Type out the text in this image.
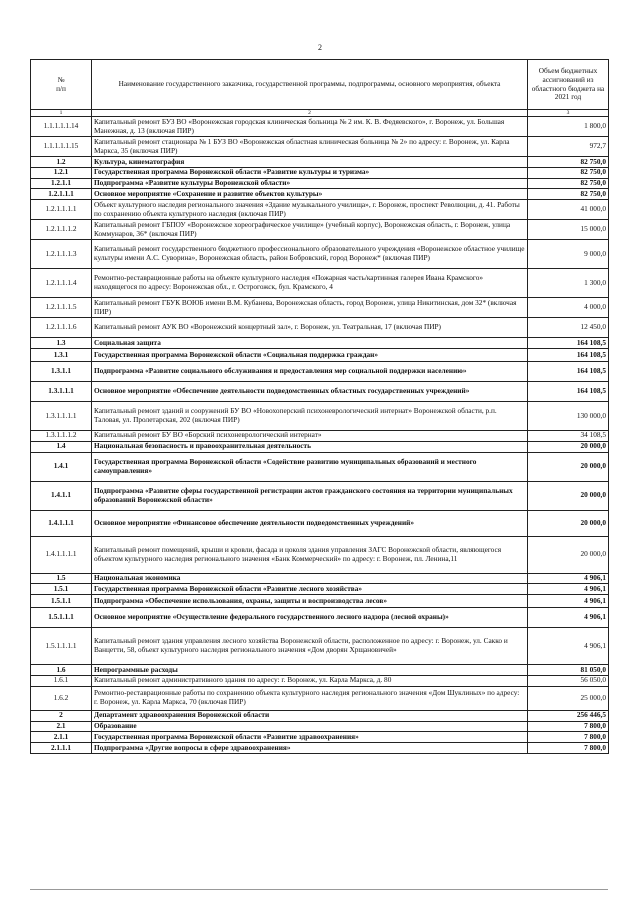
2
№
п/п	Наименование государственного заказчика, государственной программы, подпрограммы, основного мероприятия, объекта	Объем бюджетных ассигнований из областного бюджета на 2021 год
1	2	3
1.1.1.1.1.14	Капитальный ремонт БУЗ ВО «Воронежская городская клиническая больница № 2 им. К. В. Федяевского», г. Воронеж, ул. Большая Манежная, д. 13 (включая ПИР)	1 800,0
1.1.1.1.1.15	Капитальный ремонт стационара № 1 БУЗ ВО «Воронежская областная клиническая больница № 2» по адресу: г. Воронеж, ул. Карла Маркса, 35 (включая ПИР)	972,7
1.2	Культура, кинематография	82 750,0
1.2.1	Государственная программа Воронежской области «Развитие культуры и туризма»	82 750,0
1.2.1.1	Подпрограмма «Развитие культуры Воронежской области»	82 750,0
1.2.1.1.1	Основное мероприятие «Сохранение и развитие объектов культуры»	82 750,0
1.2.1.1.1.1	Объект культурного наследия регионального значения «Здание музыкального училища», г. Воронеж, проспект Революции, д. 41. Работы по сохранению объекта культурного наследия (включая ПИР)	41 000,0
1.2.1.1.1.2	Капитальный ремонт ГБПОУ «Воронежское хореографическое училище» (учебный корпус), Воронежская область, г. Воронеж, улица Коммунаров, 36* (включая ПИР)	15 000,0
1.2.1.1.1.3	Капитальный ремонт государственного бюджетного профессионального образовательного учреждения «Воронежское областное училище культуры имени А.С. Суворина», Воронежская область, район Бобровский, город Воронеж* (включая ПИР)	9 000,0
1.2.1.1.1.4	Ремонтно-реставрационные работы на объекте культурного наследия «Пожарная часть/картинная галерея Ивана Крамского» находящегося по адресу: Воронежская обл., г. Острогожск, бул. Крамского, 4	1 300,0
1.2.1.1.1.5	Капитальный ремонт ГБУК ВОЮБ имени В.М. Кубанева, Воронежская область, город Воронеж, улица Никитинская, дом 32* (включая ПИР)	4 000,0
1.2.1.1.1.6	Капитальный ремонт АУК ВО «Воронежский концертный зал», г. Воронеж, ул. Театральная, 17 (включая ПИР)	12 450,0
1.3	Социальная защита	164 108,5
1.3.1	Государственная программа Воронежской области «Социальная поддержка граждан»	164 108,5
1.3.1.1	Подпрограмма «Развитие социального обслуживания и предоставления мер социальной поддержки населению»	164 108,5
1.3.1.1.1	Основное мероприятие «Обеспечение деятельности подведомственных областных государственных учреждений»	164 108,5
1.3.1.1.1.1	Капитальный ремонт зданий и сооружений БУ ВО «Новохоперский психоневрологический интернат» Воронежской области, р.п. Таловая, ул. Пролетарская, 202 (включая ПИР)	130 000,0
1.3.1.1.1.2	Капитальный ремонт БУ ВО «Борский психоневрологический интернат»	34 108,5
1.4	Национальная безопасность и правоохранительная деятельность	20 000,0
1.4.1	Государственная программа Воронежской области «Содействие развитию муниципальных образований и местного самоуправления»	20 000,0
1.4.1.1	Подпрограмма «Развитие сферы государственной регистрации актов гражданского состояния на территории муниципальных образований Воронежской области»	20 000,0
1.4.1.1.1	Основное мероприятие «Финансовое обеспечение деятельности подведомственных учреждений»	20 000,0
1.4.1.1.1.1	Капитальный ремонт помещений, крыши и кровли, фасада и цоколя здания управления ЗАГС Воронежской области, являющегося объектом культурного наследия регионального значения «Банк Коммерческий» по адресу: г. Воронеж, пл. Ленина,11	20 000,0
1.5	Национальная экономика	4 906,1
1.5.1	Государственная программа Воронежской области «Развитие лесного хозяйства»	4 906,1
1.5.1.1	Подпрограмма «Обеспечение использования, охраны, защиты и воспроизводства лесов»	4 906,1
1.5.1.1.1	Основное мероприятие «Осуществление федерального государственного лесного надзора (лесной охраны)»	4 906,1
1.5.1.1.1.1	Капитальный ремонт здания управления лесного хозяйства Воронежской области, расположенное по адресу: г. Воронеж, ул. Сакко и Ванцетти, 58, объект культурного наследия регионального значения «Дом дворян Хрщановичей»	4 906,1
1.6	Непрограммные расходы	81 050,0
1.6.1	Капитальный ремонт административного здания по адресу: г. Воронеж, ул. Карла Маркса, д. 80	56 050,0
1.6.2	Ремонтно-реставрационные работы по сохранению объекта культурного наследия регионального значения «Дом Шуклиных» по адресу: г. Воронеж, ул. Карла Маркса, 70 (включая ПИР)	25 000,0
2	Департамент здравоохранения Воронежской области	256 446,5
2.1	Образование	7 800,0
2.1.1	Государственная программа Воронежской области «Развитие здравоохранения»	7 800,0
2.1.1.1	Подпрограмма «Другие вопросы в сфере здравоохранения»	7 800,0
